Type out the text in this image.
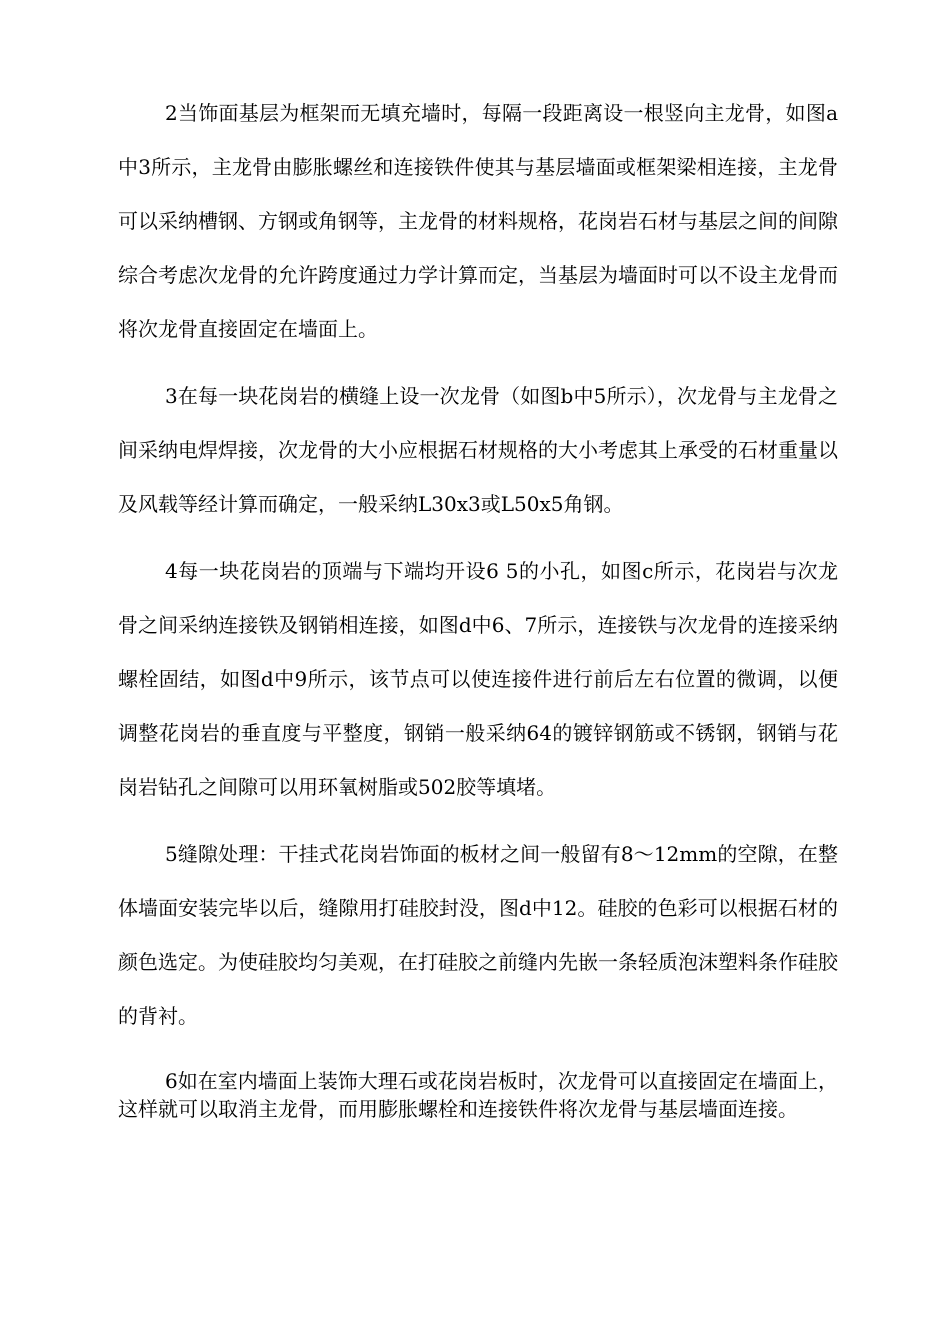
2当饰面基层为框架而无填充墙时，每隔一段距离设一根竖向主龙骨，如图a中3所示，主龙骨由膨胀螺丝和连接铁件使其与基层墙面或框架梁相连接，主龙骨可以采纳槽钢、方钢或角钢等，主龙骨的材料规格，花岗岩石材与基层之间的间隙综合考虑次龙骨的允许跨度通过力学计算而定，当基层为墙面时可以不设主龙骨而将次龙骨直接固定在墙面上。

3在每一块花岗岩的横缝上设一次龙骨（如图b中5所示），次龙骨与主龙骨之间采纳电焊焊接，次龙骨的大小应根据石材规格的大小考虑其上承受的石材重量以及风载等经计算而确定，一般采纳L30x3或L50x5角钢。

4每一块花岗岩的顶端与下端均开设6 5的小孔，如图c所示，花岗岩与次龙骨之间采纳连接铁及钢销相连接，如图d中6、7所示，连接铁与次龙骨的连接采纳螺栓固结，如图d中9所示，该节点可以使连接件进行前后左右位置的微调，以便调整花岗岩的垂直度与平整度，钢销一般采纳64的镀锌钢筋或不锈钢，钢销与花岗岩钻孔之间隙可以用环氧树脂或502胶等填堵。

5缝隙处理：干挂式花岗岩饰面的板材之间一般留有8〜12mm的空隙，在整体墙面安装完毕以后，缝隙用打硅胶封没，图d中12。硅胶的色彩可以根据石材的颜色选定。为使硅胶均匀美观，在打硅胶之前缝内先嵌一条轻质泡沫塑料条作硅胶的背衬。

6如在室内墙面上装饰大理石或花岗岩板时，次龙骨可以直接固定在墙面上，这样就可以取消主龙骨，而用膨胀螺栓和连接铁件将次龙骨与基层墙面连接。
